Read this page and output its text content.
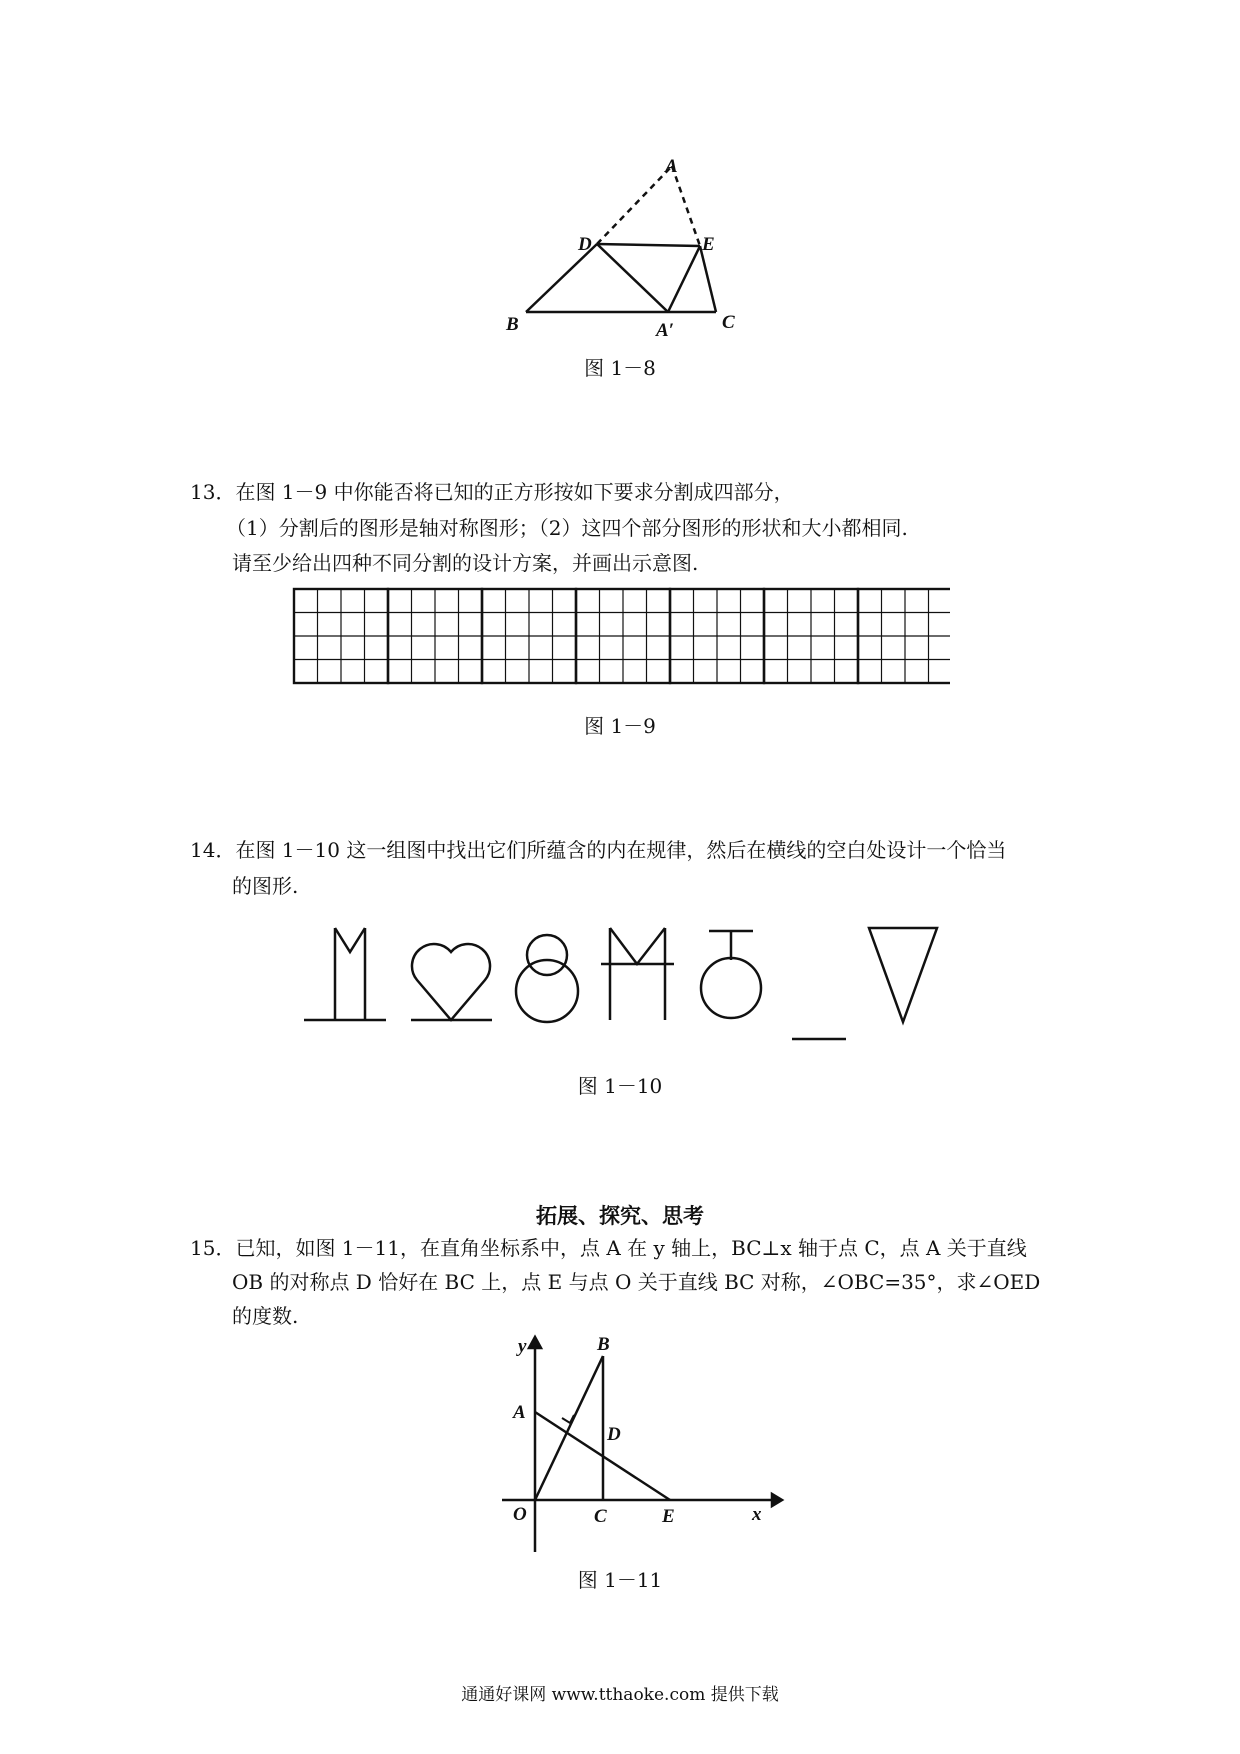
A
D	E
B	A′	C
图 1－8
13．在图 1－9 中你能否将已知的正方形按如下要求分割成四部分，
（1）分割后的图形是轴对称图形；（2）这四个部分图形的形状和大小都相同.
请至少给出四种不同分割的设计方案，并画出示意图.
图 1－9
14．在图 1－10 这一组图中找出它们所蕴含的内在规律，然后在横线的空白处设计一个恰当
的图形.
图 1－10
拓展、探究、思考
15．已知，如图 1－11，在直角坐标系中，点 A 在 y 轴上，BC⊥x 轴于点 C，点 A 关于直线
OB 的对称点 D 恰好在 BC 上，点 E 与点 O 关于直线 BC 对称，∠OBC=35°，求∠OED
的度数.
y	B
A
D
O	C	E	x
图 1－11
通通好课网 www.tthaoke.com 提供下载
